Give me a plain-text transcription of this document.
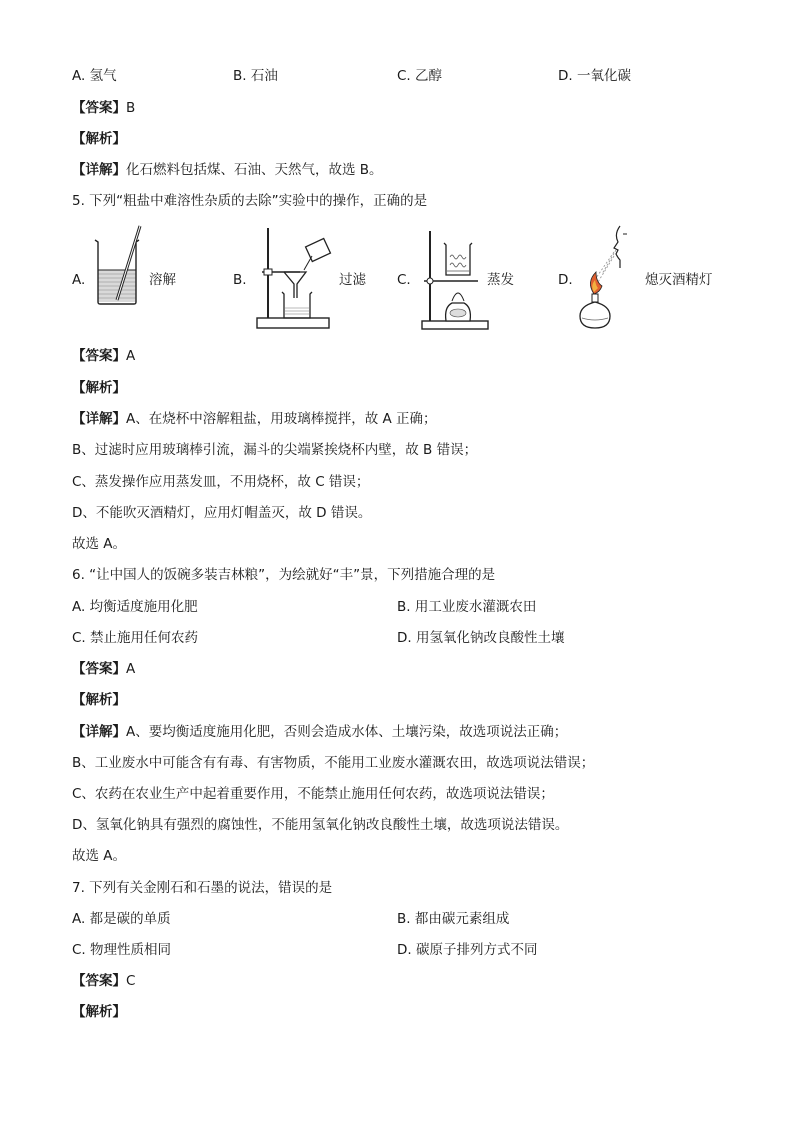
A. 氢气	B. 石油	C. 乙醇	D. 一氧化碳
【答案】B
【解析】
【详解】化石燃料包括煤、石油、天然气，故选 B。
5. 下列“粗盐中难溶性杂质的去除”实验中的操作，正确的是
A.	溶解	B.	过滤 C.	蒸发	D.	熄灭酒精灯
【答案】A
【解析】
【详解】A、在烧杯中溶解粗盐，用玻璃棒搅拌，故 A 正确；
B、过滤时应用玻璃棒引流，漏斗的尖端紧挨烧杯内壁，故 B 错误；
C、蒸发操作应用蒸发皿，不用烧杯，故 C 错误；
D、不能吹灭酒精灯，应用灯帽盖灭，故 D 错误。
故选 A。
6. “让中国人的饭碗多装吉林粮”，为绘就好“丰”景，下列措施合理的是
A. 均衡适度施用化肥	B. 用工业废水灌溉农田
C. 禁止施用任何农药	D. 用氢氧化钠改良酸性土壤
【答案】A
【解析】
【详解】A、要均衡适度施用化肥，否则会造成水体、土壤污染，故选项说法正确；
B、工业废水中可能含有有毒、有害物质，不能用工业废水灌溉农田，故选项说法错误；
C、农药在农业生产中起着重要作用，不能禁止施用任何农药，故选项说法错误；
D、氢氧化钠具有强烈的腐蚀性，不能用氢氧化钠改良酸性土壤，故选项说法错误。
故选 A。
7. 下列有关金刚石和石墨的说法，错误的是
A. 都是碳的单质	B. 都由碳元素组成
C. 物理性质相同	D. 碳原子排列方式不同
【答案】C
【解析】
